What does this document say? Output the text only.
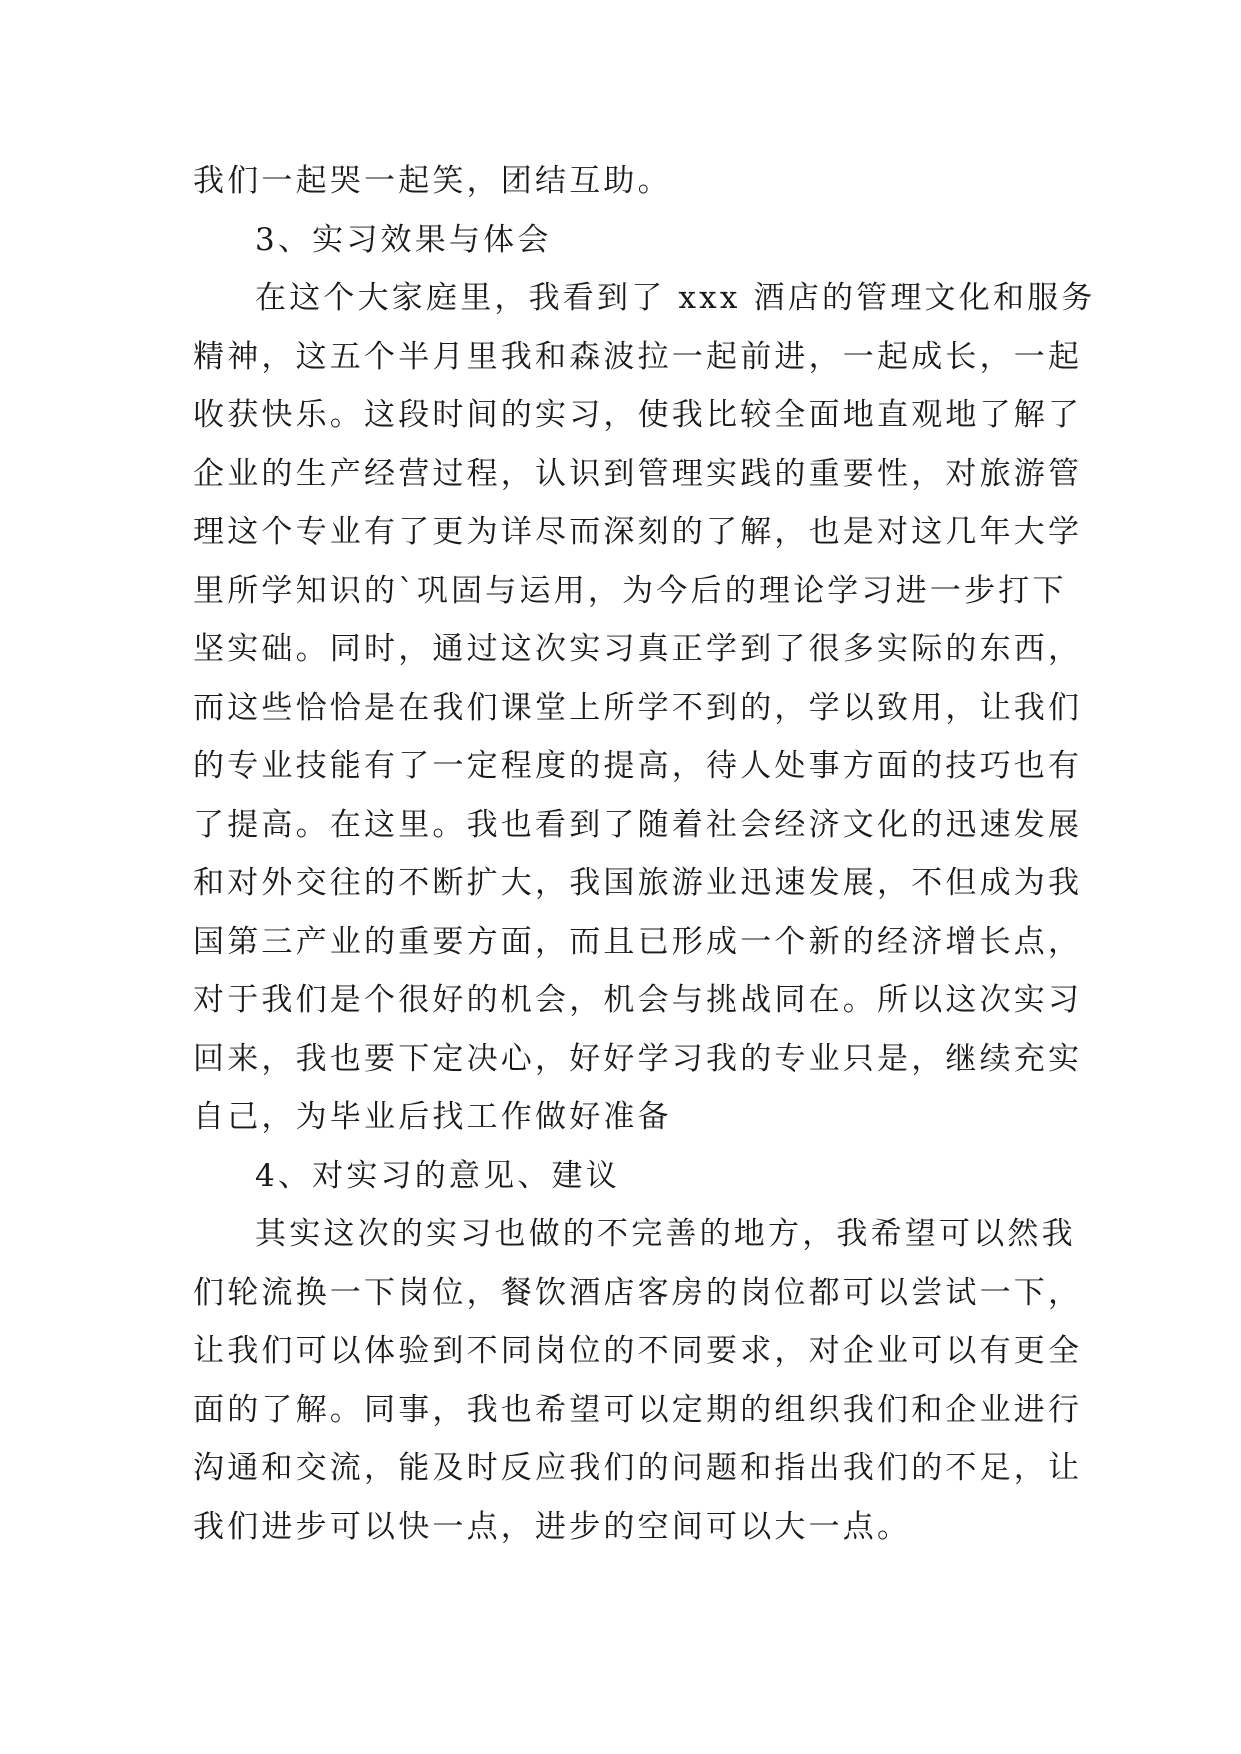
我们一起哭一起笑，团结互助。
3、实习效果与体会
在这个大家庭里，我看到了 xxx 酒店的管理文化和服务
精神，这五个半月里我和森波拉一起前进，一起成长，一起
收获快乐。这段时间的实习，使我比较全面地直观地了解了
企业的生产经营过程，认识到管理实践的重要性，对旅游管
理这个专业有了更为详尽而深刻的了解，也是对这几年大学
里所学知识的`巩固与运用，为今后的理论学习进一步打下
坚实础。同时，通过这次实习真正学到了很多实际的东西，
而这些恰恰是在我们课堂上所学不到的，学以致用，让我们
的专业技能有了一定程度的提高，待人处事方面的技巧也有
了提高。在这里。我也看到了随着社会经济文化的迅速发展
和对外交往的不断扩大，我国旅游业迅速发展，不但成为我
国第三产业的重要方面，而且已形成一个新的经济增长点，
对于我们是个很好的机会，机会与挑战同在。所以这次实习
回来，我也要下定决心，好好学习我的专业只是，继续充实
自己，为毕业后找工作做好准备
4、对实习的意见、建议
其实这次的实习也做的不完善的地方，我希望可以然我
们轮流换一下岗位，餐饮酒店客房的岗位都可以尝试一下，
让我们可以体验到不同岗位的不同要求，对企业可以有更全
面的了解。同事，我也希望可以定期的组织我们和企业进行
沟通和交流，能及时反应我们的问题和指出我们的不足，让
我们进步可以快一点，进步的空间可以大一点。
